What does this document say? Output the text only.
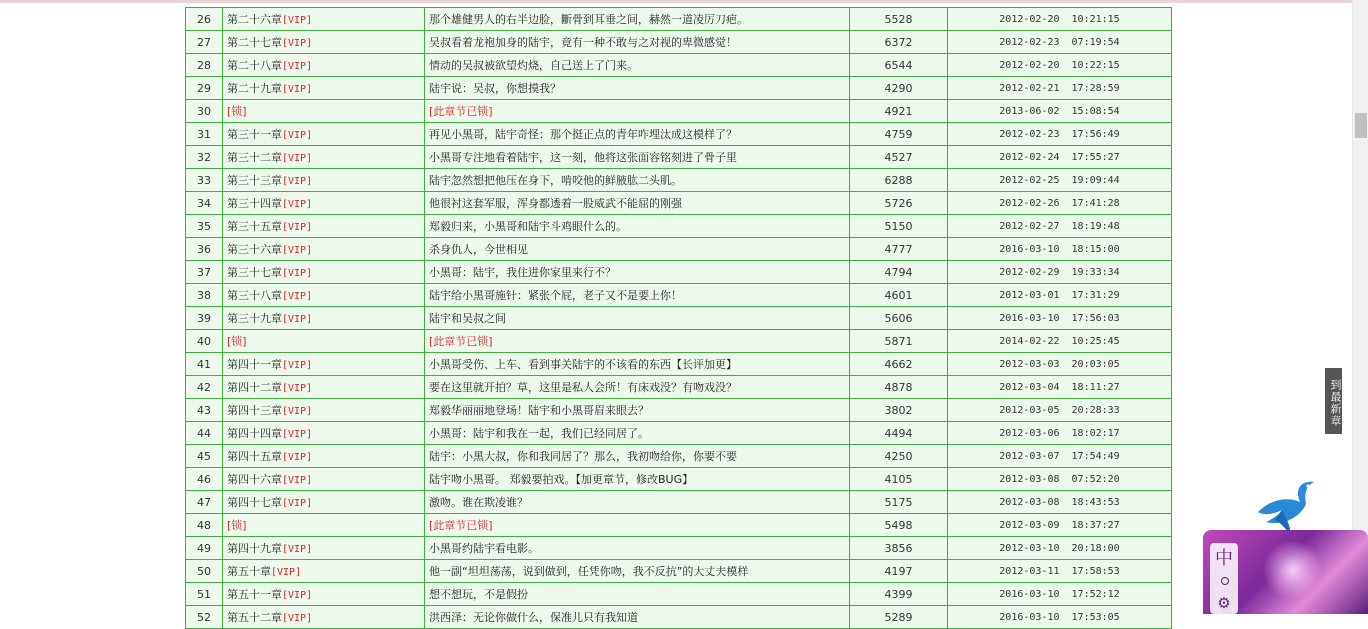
26	第二十六章[VIP]	那个雄健男人的右半边脸，斷骨到耳垂之间，赫然一道凌厉刀疤。	5528	2012-02-20  10:21:15
27	第二十七章[VIP]	吴叔看着龙袍加身的陆宇，竟有一种不敢与之对视的卑微感觉！	6372	2012-02-23  07:19:54
28	第二十八章[VIP]	情动的吴叔被欲望灼烧，自己送上了门来。	6544	2012-02-20  10:22:15
29	第二十九章[VIP]	陆宇说：吴叔，你想摸我？	4290	2012-02-21  17:28:59
30	[锁]	[此章节已锁]	4921	2013-06-02  15:08:54
31	第三十一章[VIP]	再见小黑哥，陆宇奇怪：那个挺正点的青年咋埋汰成这模样了？	4759	2012-02-23  17:56:49
32	第三十二章[VIP]	小黑哥专注地看着陆宇，这一刻，他将这张面容铭刻进了骨子里	4527	2012-02-24  17:55:27
33	第三十三章[VIP]	陆宇忽然想把他压在身下，啃咬他的鲜腋肱二头肌。	6288	2012-02-25  19:09:44
34	第三十四章[VIP]	他很衬这套军服，浑身都透着一股威武不能屈的刚强	5726	2012-02-26  17:41:28
35	第三十五章[VIP]	郑毅归来，小黑哥和陆宇斗鸡眼什么的。	5150	2012-02-27  18:19:48
36	第三十六章[VIP]	杀身仇人，今世相见	4777	2016-03-10  18:15:00
37	第三十七章[VIP]	小黑哥：陆宇，我住进你家里来行不？	4794	2012-02-29  19:33:34
38	第三十八章[VIP]	陆宇给小黑哥施针：紧张个屁，老子又不是要上你！	4601	2012-03-01  17:31:29
39	第三十九章[VIP]	陆宇和吴叔之间	5606	2016-03-10  17:56:03
40	[锁]	[此章节已锁]	5871	2014-02-22  10:25:45
41	第四十一章[VIP]	小黑哥受伤、上车、看到事关陆宇的不该看的东西【长评加更】	4662	2012-03-03  20:03:05
42	第四十二章[VIP]	要在这里就开拍？草，这里是私人会所！有床戏没？有吻戏没？	4878	2012-03-04  18:11:27
43	第四十三章[VIP]	郑毅华丽丽地登场！陆宇和小黑哥眉来眼去？	3802	2012-03-05  20:28:33
44	第四十四章[VIP]	小黑哥：陆宇和我在一起，我们已经同居了。	4494	2012-03-06  18:02:17
45	第四十五章[VIP]	陆宇：小黑大叔，你和我同居了？那么，我初吻给你，你要不要	4250	2012-03-07  17:54:49
46	第四十六章[VIP]	陆宇吻小黑哥。 郑毅要拍戏。【加更章节，修改BUG】	4105	2012-03-08  07:52:20
47	第四十七章[VIP]	激吻。谁在欺凌谁？	5175	2012-03-08  18:43:53
48	[锁]	[此章节已锁]	5498	2012-03-09  18:37:27
49	第四十九章[VIP]	小黑哥约陆宇看电影。	3856	2012-03-10  20:18:00
50	第五十章[VIP]	他一副“坦坦荡荡，说到做到，任凭你吻，我不反抗”的大丈夫模样	4197	2012-03-11  17:58:53
51	第五十一章[VIP]	想不想玩，不是假扮	4399	2016-03-10  17:52:12
52	第五十二章[VIP]	洪西泽：无论你做什么，保准儿只有我知道	5289	2016-03-10  17:53:05
到最新章
中
⚙
